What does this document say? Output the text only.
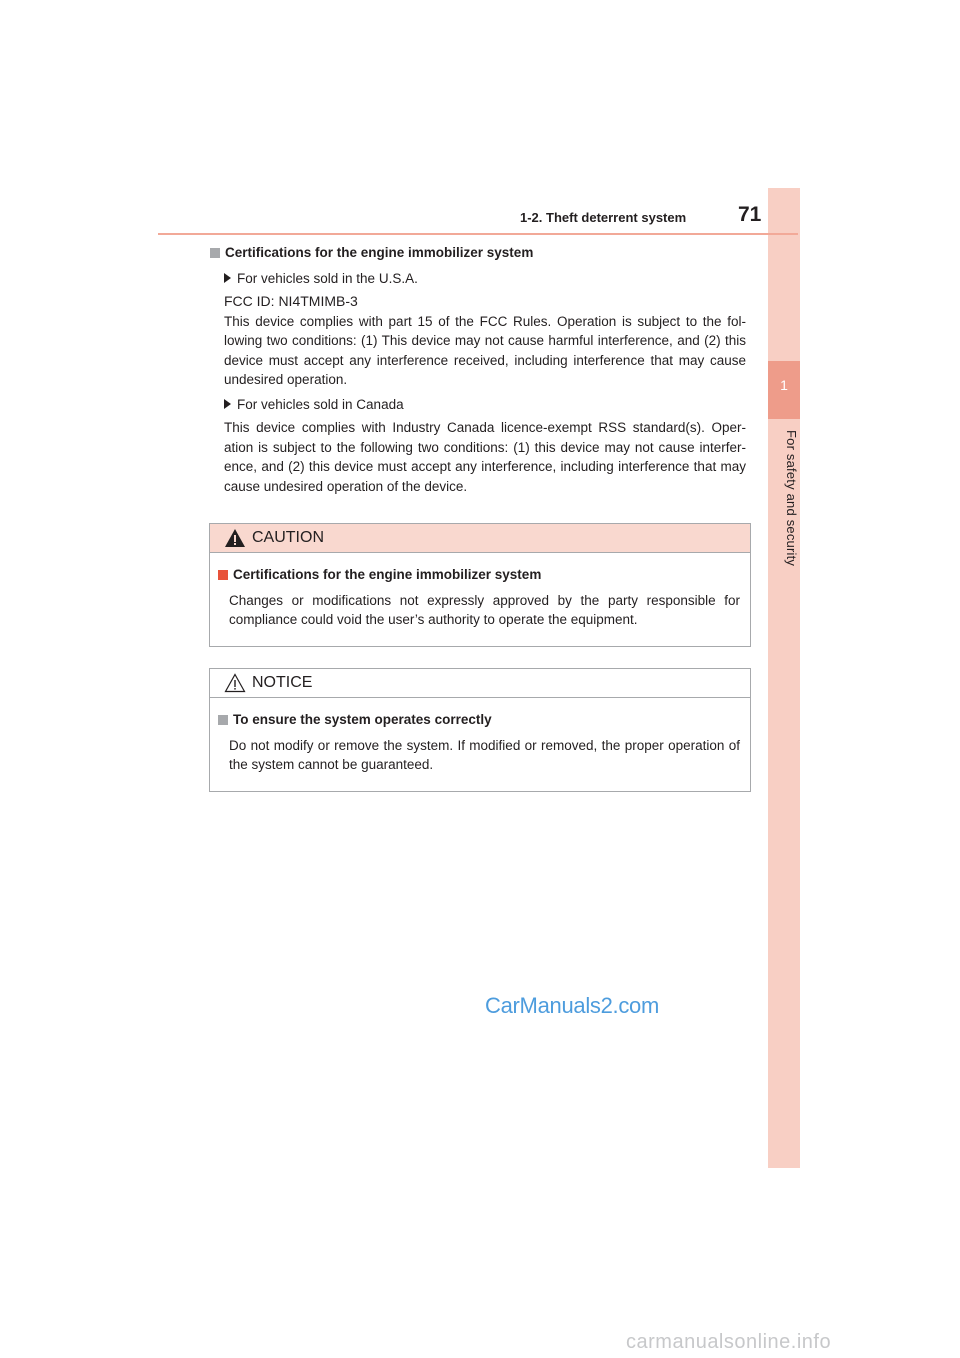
1
For safety and security
1-2. Theft deterrent system 71
Certifications for the engine immobilizer system
For vehicles sold in the U.S.A.
FCC ID: NI4TMIMB-3
This device complies with part 15 of the FCC Rules. Operation is subject to the fol-lowing two conditions: (1) This device may not cause harmful interference, and (2) this device must accept any interference received, including interference that may cause undesired operation.
For vehicles sold in Canada
This device complies with Industry Canada licence-exempt RSS standard(s). Oper-ation is subject to the following two conditions: (1) this device may not cause interfer-ence, and (2) this device must accept any interference, including interference that may cause undesired operation of the device.
CAUTION
Certifications for the engine immobilizer system
Changes or modifications not expressly approved by the party responsible for compliance could void the user’s authority to operate the equipment.
NOTICE
To ensure the system operates correctly
Do not modify or remove the system. If modified or removed, the proper operation of the system cannot be guaranteed.
CarManuals2.com
carmanualsonline.info
